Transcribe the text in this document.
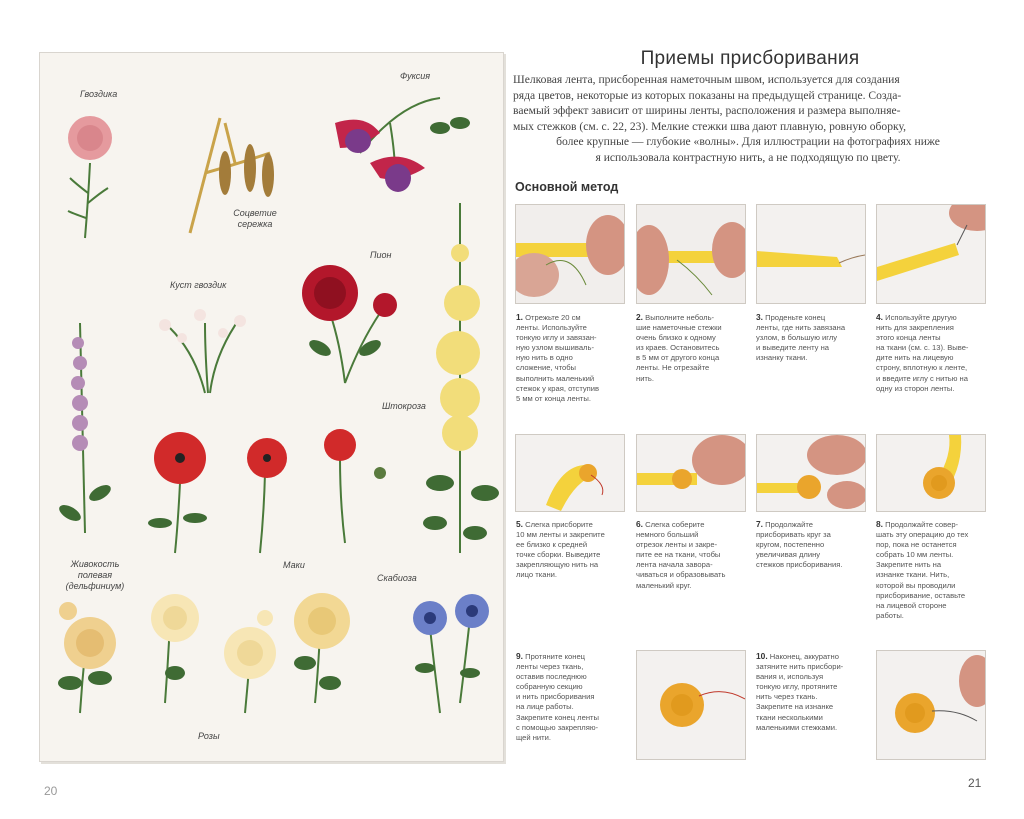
Гвоздика
Фуксия
Соцветие
сережка
Пион
Куст гвоздик
Штокроза
Живокость
полевая
(дельфиниум)
Маки
Скабиоза
Розы
20
Приемы присборивания
Шелковая лента, присборенная наметочным швом, используется для создания
ряда цветов, некоторые из которых показаны на предыдущей странице. Созда-
ваемый эффект зависит от ширины ленты, расположения и размера выполняе-
мых стежков (см. с. 22, 23). Мелкие стежки шва дают плавную, ровную оборку,
более крупные — глубокие «волны». Для иллюстрации на фотографиях ниже
я использовала контрастную нить, а не подходящую по цвету.
Основной метод
1. Отрежьте 20 см
ленты. Используйте
тонкую иглу и завязан-
ную узлом вышиваль-
ную нить в одно
сложение, чтобы
выполнить маленький
стежок у края, отступив
5 мм от конца ленты.
2. Выполните неболь-
шие наметочные стежки
очень близко к одному
из краев. Остановитесь
в 5 мм от другого конца
ленты. Не отрезайте
нить.
3. Проденьте конец
ленты, где нить завязана
узлом, в большую иглу
и выведите ленту на
изнанку ткани.
4. Используйте другую
нить для закрепления
этого конца ленты
на ткани (см. с. 13). Выве-
дите нить на лицевую
строну, вплотную к ленте,
и введите иглу с нитью на
одну из сторон ленты.
5. Слегка присборите
10 мм ленты и закрепите
ее близко к средней
точке сборки. Выведите
закрепляющую нить на
лицо ткани.
6. Слегка соберите
немного больший
отрезок ленты и закре-
пите ее на ткани, чтобы
лента начала завора-
чиваться и образовывать
маленький круг.
7. Продолжайте
присборивать круг за
кругом, постепенно
увеличивая длину
стежков присборивания.
8. Продолжайте совер-
шать эту операцию до тех
пор, пока не останется
собрать 10 мм ленты.
Закрепите нить на
изнанке ткани. Нить,
которой вы проводили
присборивание, оставьте
на лицевой стороне
работы.
9. Протяните конец
ленты через ткань,
оставив последнюю
собранную секцию
и нить присборивания
на лице работы.
Закрепите конец ленты
с помощью закрепляю-
щей нити.
10. Наконец, аккуратно
затяните нить присбори-
вания и, используя
тонкую иглу, протяните
нить через ткань.
Закрепите на изнанке
ткани несколькими
маленькими стежками.
21
